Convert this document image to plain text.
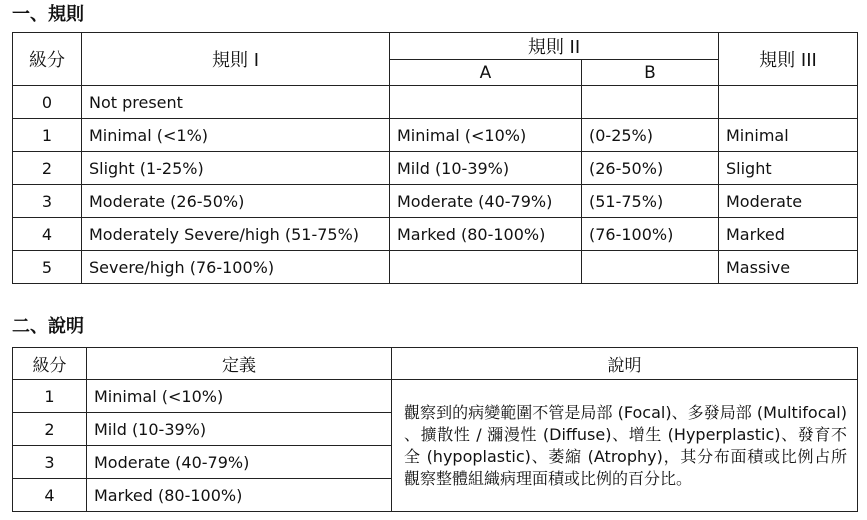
一、規則
級分	規則 I	規則 II		規則 III
		A	B	
0	Not present			
1	Minimal (<1%)	Minimal (<10%)	(0-25%)	Minimal
2	Slight (1-25%)	Mild (10-39%)	(26-50%)	Slight
3	Moderate (26-50%)	Moderate (40-79%)	(51-75%)	Moderate
4	Moderately Severe/high (51-75%)	Marked (80-100%)	(76-100%)	Marked
5	Severe/high (76-100%)			Massive
二、說明
級分	定義	說明
1	Minimal (<10%)	觀察到的病變範圍不管是局部 (Focal)、多發局部 (Multifocal) 、擴散性 / 瀰漫性 (Diffuse)、增生 (Hyperplastic)、發育不全 (hypoplastic)、萎縮 (Atrophy)，其分布面積或比例占所觀察整體組織病理面積或比例的百分比。
2	Mild (10-39%)	
3	Moderate (40-79%)	
4	Marked (80-100%)	
